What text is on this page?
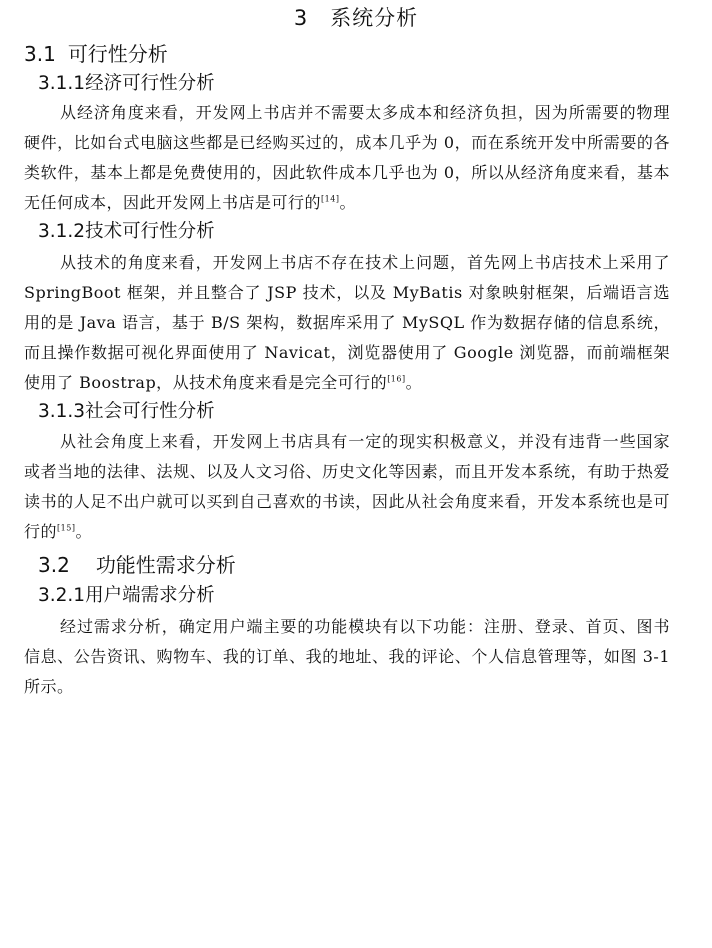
3 系统分析
3.1 可行性分析
3.1.1经济可行性分析

从经济角度来看，开发网上书店并不需要太多成本和经济负担，因为所需要的物理硬件，比如台式电脑这些都是已经购买过的，成本几乎为 0，而在系统开发中所需要的各类软件，基本上都是免费使用的，因此软件成本几乎也为 0，所以从经济角度来看，基本无任何成本，因此开发网上书店是可行的[14]。

3.1.2技术可行性分析

从技术的角度来看，开发网上书店不存在技术上问题，首先网上书店技术上采用了 SpringBoot 框架，并且整合了 JSP 技术，以及 MyBatis 对象映射框架，后端语言选用的是 Java 语言，基于 B/S 架构，数据库采用了 MySQL 作为数据存储的信息系统，而且操作数据可视化界面使用了 Navicat，浏览器使用了 Google 浏览器，而前端框架使用了 Boostrap，从技术角度来看是完全可行的[16]。

3.1.3社会可行性分析

从社会角度上来看，开发网上书店具有一定的现实积极意义，并没有违背一些国家或者当地的法律、法规、以及人文习俗、历史文化等因素，而且开发本系统，有助于热爱读书的人足不出户就可以买到自己喜欢的书读，因此从社会角度来看，开发本系统也是可行的[15]。

3.2 功能性需求分析
3.2.1用户端需求分析

经过需求分析，确定用户端主要的功能模块有以下功能：注册、登录、首页、图书信息、公告资讯、购物车、我的订单、我的地址、我的评论、个人信息管理等，如图 3-1 所示。
